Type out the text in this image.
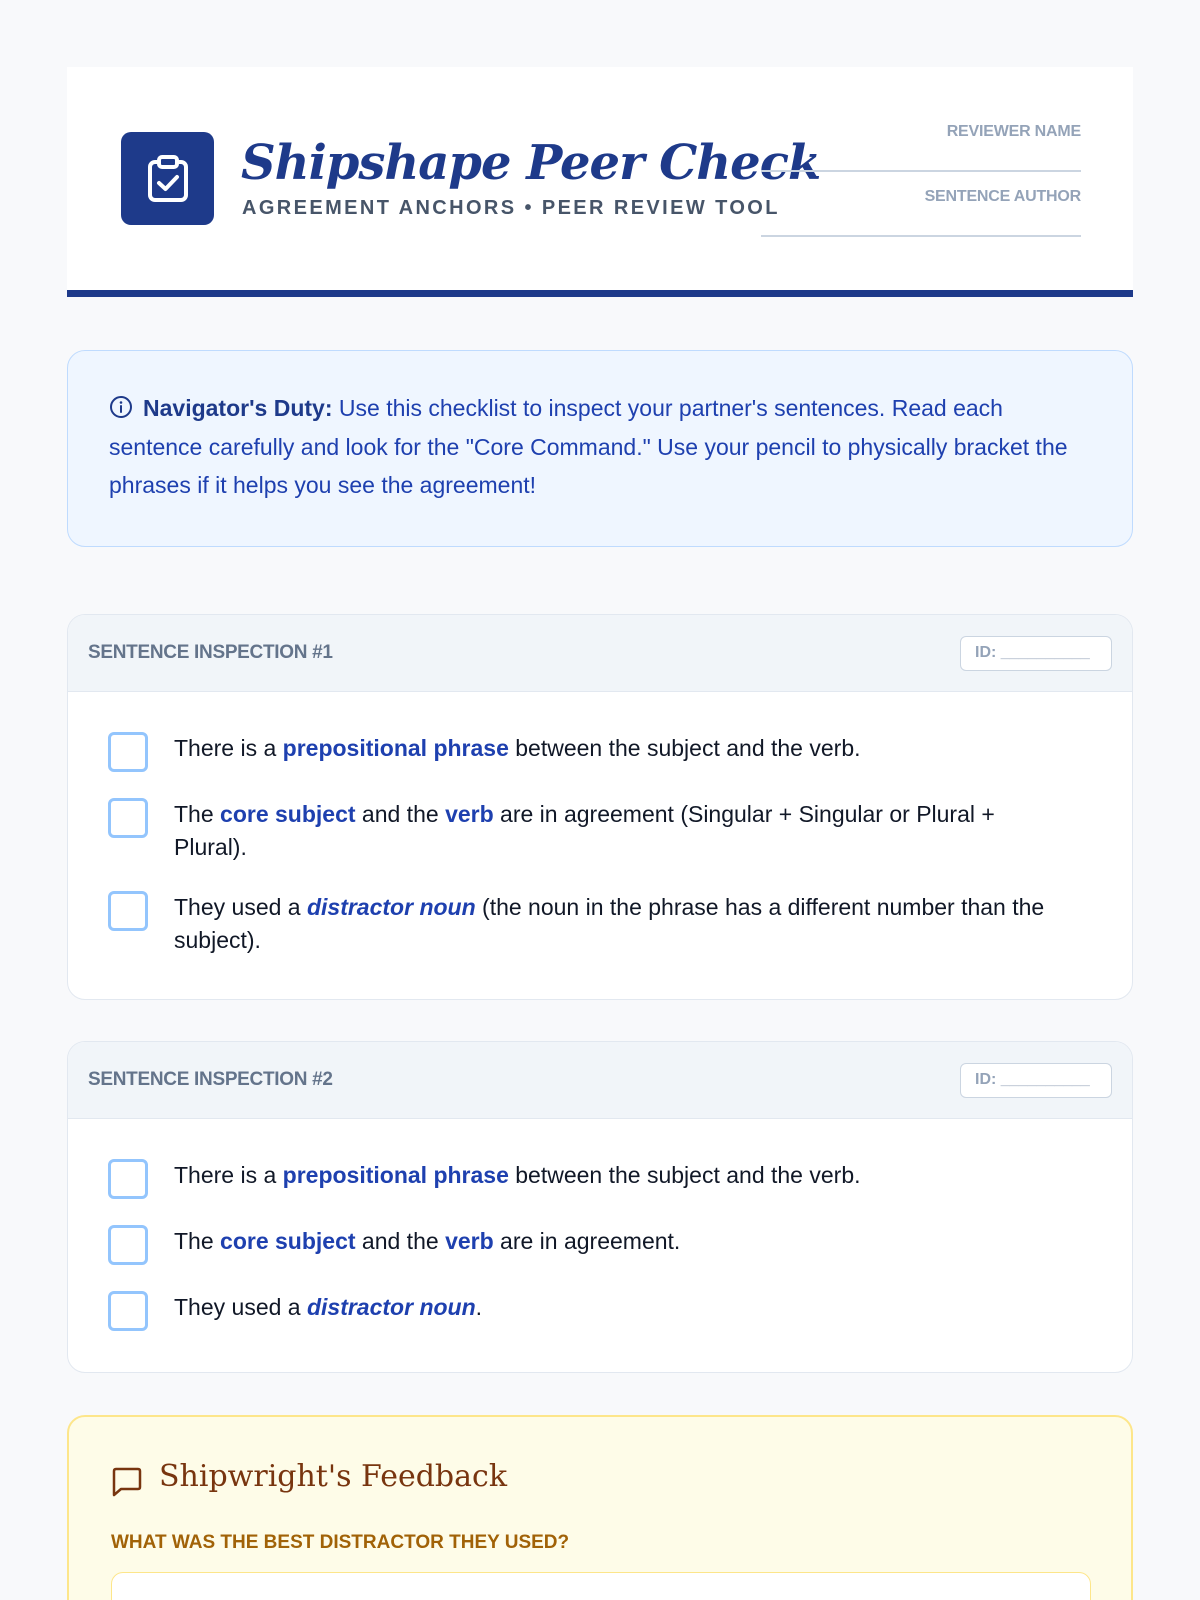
Shipshape Peer Check
AGREEMENT ANCHORS • PEER REVIEW TOOL
REVIEWER NAME
SENTENCE AUTHOR
Navigator's Duty: Use this checklist to inspect your partner's sentences. Read each sentence carefully and look for the "Core Command." Use your pencil to physically bracket the phrases if it helps you see the agreement!
SENTENCE INSPECTION #1	ID: __________
There is a prepositional phrase between the subject and the verb.
The core subject and the verb are in agreement (Singular + Singular or Plural + Plural).
They used a distractor noun (the noun in the phrase has a different number than the subject).
SENTENCE INSPECTION #2	ID: __________
There is a prepositional phrase between the subject and the verb.
The core subject and the verb are in agreement.
They used a distractor noun.
Shipwright's Feedback
WHAT WAS THE BEST DISTRACTOR THEY USED?
